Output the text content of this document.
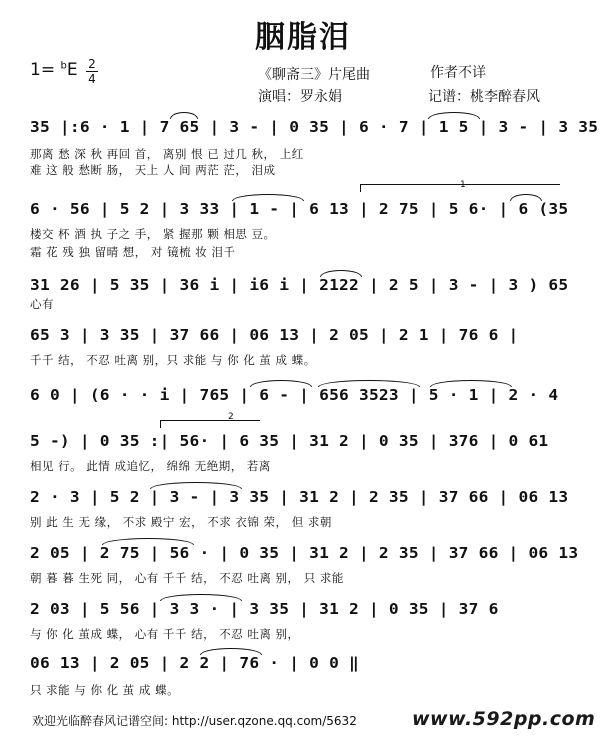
胭脂泪
1= $^b$E 2
4	《聊斋三》片尾曲	作者不详
演唱：罗永娟	记谱：桃李醉春风
35 |:6 · 1 | 7 65 | 3 - | 0 35 | 6 · 7 | 1 5 | 3 - | 3 35
那离 愁 深 秋 再回 首， 离别 恨 已 过几 秋， 上红
难 这 般 愁断 肠， 天上 人 间 两茫 茫， 泪成
1
6 · 56 | 5 2 | 3 33 | 1 - | 6 13 | 2 75 | 5 6· | 6 (35
楼交 杯 酒 执 子之 手， 紧 握那 颗 相思 豆。
霜 花 残 独 留晴 想， 对 镜梳 妆 泪千
31 26 | 5 35 | 36 i | i6 i | 2122 | 2 5 | 3 - | 3 ) 65
心有
65 3 | 3 35 | 37 66 | 06 13 | 2 05 | 2 1 | 76 6 |
千千 结， 不忍 吐离 别，只 求能 与 你 化 茧 成 蝶。
6 0 | (6 · · i | 765 | 6 - | 656 3523 | 5 · 1 | 2 · 4
2
5 -) | 0 35 :| 56· | 6 35 | 31 2 | 0 35 | 376 | 0 61
相见 行。 此情 成追忆， 绵绵 无绝期， 若离
2 · 3 | 5 2 | 3 - | 3 35 | 31 2 | 2 35 | 37 66 | 06 13
别 此 生 无 缘， 不求 殿宁 宏， 不求 衣锦 荣， 但 求朝
2 05 | 2 75 | 56 · | 0 35 | 31 2 | 2 35 | 37 66 | 06 13
朝 暮 暮 生死 同， 心有 千千 结， 不忍 吐离 别， 只 求能
2 03 | 5 56 | 3 3 · | 3 35 | 31 2 | 0 35 | 37 6
与 你 化 茧成 蝶， 心有 千千 结， 不忍 吐离 别，
06 13 | 2 05 | 2 2 | 76 · | 0 0 ‖
只 求能 与 你 化 茧 成 蝶。
欢迎光临醉春风记谱空间: http://user.qzone.qq.com/5632	www.592pp.com
